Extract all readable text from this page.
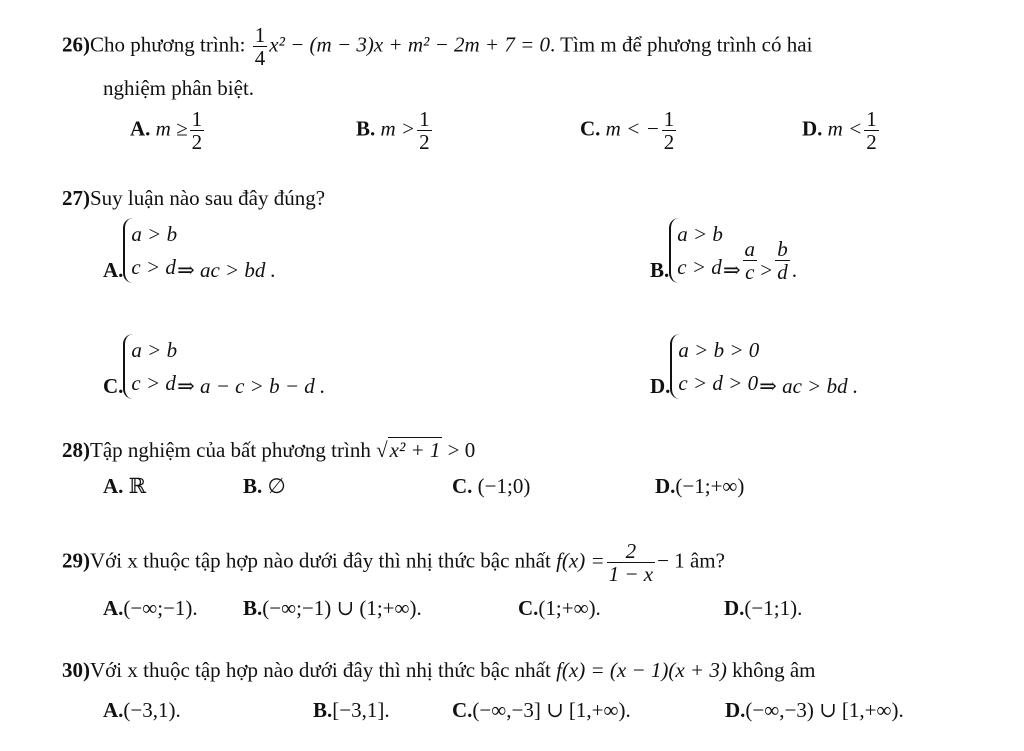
26)Cho phương trình: $\frac{1}{4} x^2 - (m - 3)x + m^2 - 2m + 7 = 0$. Tìm m để phương trình có hai
nghiệm phân biệt.
A. $m \ge \frac{1}{2}$	B. $m > \frac{1}{2}$	C. m < − $\frac{1}{2}$	D. $m < \frac{1}{2}$
27)Suy luận nào sau đây đúng?
A.a > b
c > d⇒ ac > bd .	B.a > b
c > d⇒ $\frac{a}{c} > \frac{b}{d}$ .
C.a > b
c > d⇒ a − c > b − d .	D.a > b > 0
c > d > 0⇒ ac > bd .
28)Tập nghiệm của bất phương trình √x² + 1 > 0
A. ℝ	B. ∅	C. (−1;0)	D.(−1;+∞)
29)Với x thuộc tập hợp nào dưới đây thì nhị thức bậc nhất $f(x) = \frac{2}{1 - x} - 1$ âm?
A.(−∞;−1). B.(−∞;−1) ∪ (1;+∞).	C.(1;+∞).	D.(−1;1).
30)Với x thuộc tập hợp nào dưới đây thì nhị thức bậc nhất f(x) = (x − 1)(x + 3) không âm
A.(−3,1).	B.[−3,1].	C.(−∞,−3] ∪ [1,+∞).	D.(−∞,−3) ∪ [1,+∞).
